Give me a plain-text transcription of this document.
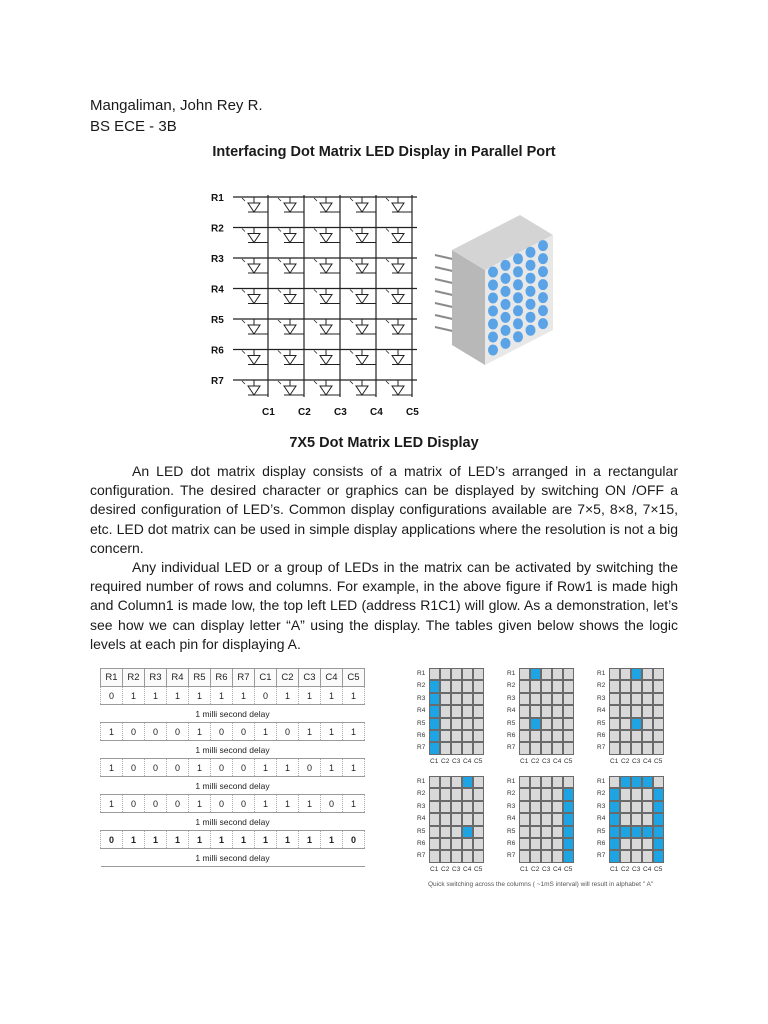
Mangaliman, John Rey R.
BS ECE - 3B
Interfacing Dot Matrix LED Display in Parallel Port
C1 C2 C3 C4 C5
R1
R2
R3
R4
R5
R6
R7
7X5 Dot Matrix LED Display

An LED dot matrix display consists of a matrix of LED’s arranged in a rectangular configuration. The desired character or graphics can be displayed by switching ON /OFF a desired configuration of LED’s. Common display configurations available are 7×5, 8×8, 7×15, etc. LED dot matrix can be used in simple display applications where the resolution is not a big concern.

Any individual LED or a group of LEDs in the matrix can be activated by switching the required number of rows and columns. For example, in the above figure if Row1 is made high and Column1 is made low, the top left LED (address R1C1) will glow. As a demonstration, let’s see how we can display letter “A” using the display. The tables given below shows the logic levels at each pin for displaying A.

R1	R2	R3	R4	R5	R6	R7	C1	C2	C3	C4	C5
0	1	1	1	1	1	1	0	1	1	1	1
1 milli second delay											
1	0	0	0	1	0	0	1	0	1	1	1
1 milli second delay											
1	0	0	0	1	0	0	1	1	0	1	1
1 milli second delay											
1	0	0	0	1	0	0	1	1	1	0	1
1 milli second delay											
0	1	1	1	1	1	1	1	1	1	1	0
1 milli second delay											
R1
R2
R3
R4
R5
R6
R7
C1 C2 C3 C4 C5
R1
R2
R3
R4
R5
R6
R7
C1 C2 C3 C4 C5
R1
R2
R3
R4
R5
R6
R7
C1 C2 C3 C4 C5
R1
R2
R3
R4
R5
R6
R7
C1 C2 C3 C4 C5
R1
R2
R3
R4
R5
R6
R7
C1 C2 C3 C4 C5
R1
R2
R3
R4
R5
R6
R7
C1 C2 C3 C4 C5
Quick switching across the columns ( ~1mS interval) will result in alphabet " A"
